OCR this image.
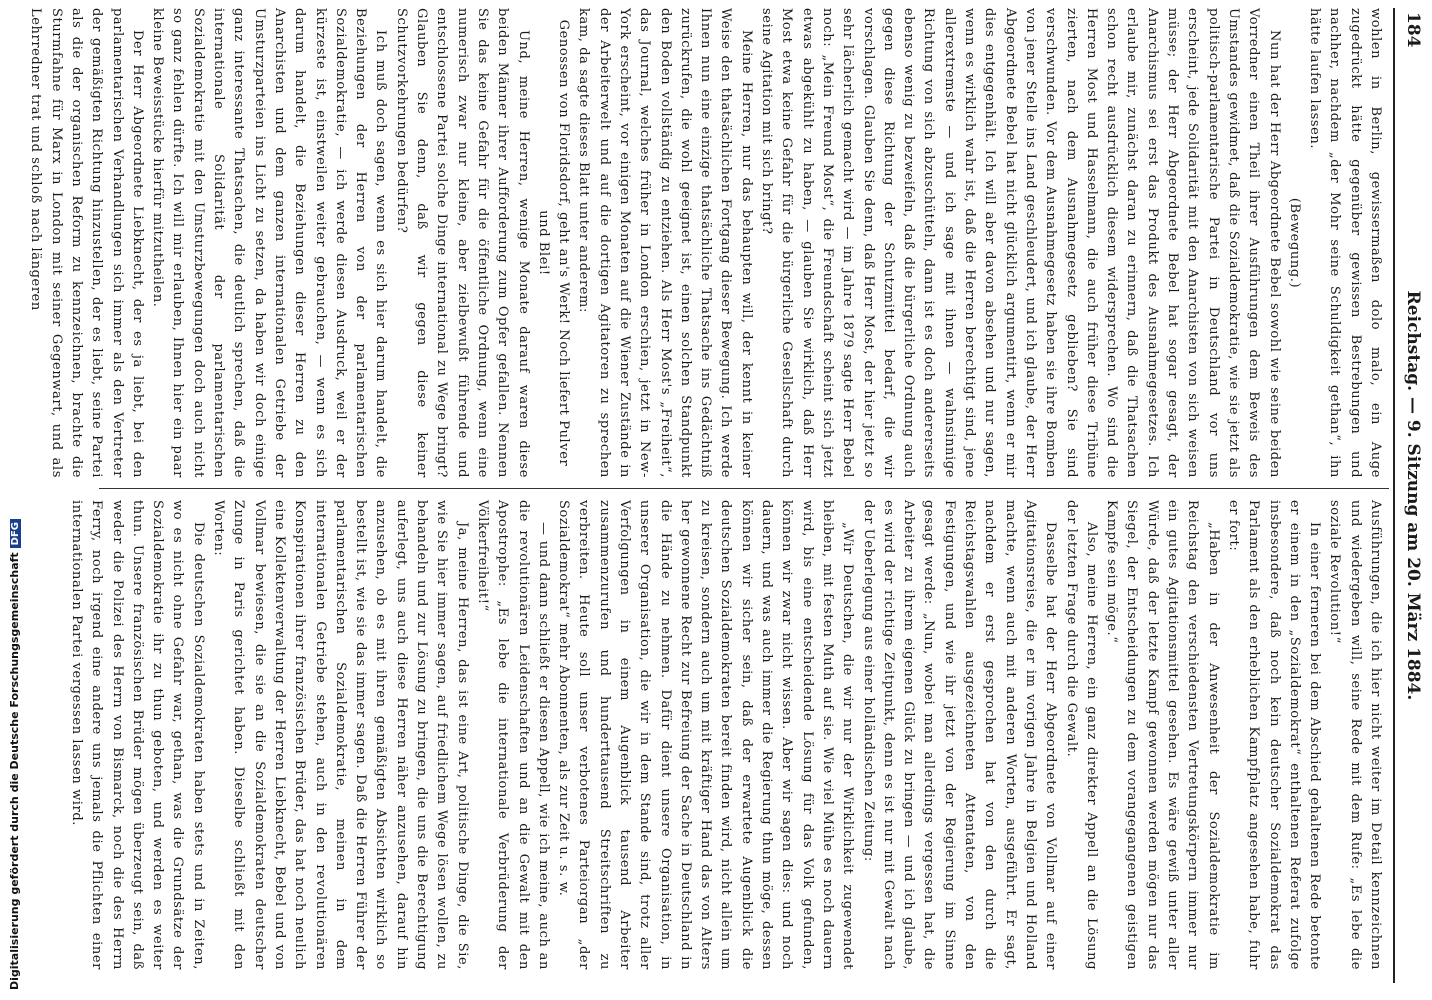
184
Reichstag. — 9. Sitzung am 20. März 1884.

wohlen in Berlin, gewissermaßen dolo malo, ein Auge zugedrückt hätte gegenüber gewissen Bestrebungen und nachher, nachdem „der Mohr seine Schuldigkeit gethan“, ihn hätte laufen lassen.

(Bewegung.)

Nun hat der Herr Abgeordnete Bebel sowohl wie seine beiden Vorredner einen Theil ihrer Ausführungen dem Beweis des Umstandes gewidmet, daß die Sozialdemokratie, wie sie jetzt als politisch-parlamentarische Partei in Deutschland vor uns erscheint, jede Solidarität mit den Anarchisten von sich weisen müsse; der Herr Abgeordnete Bebel hat sogar gesagt, der Anarchismus sei erst das Produkt des Ausnahmegesetzes. Ich erlaube mir, zunächst daran zu erinnern, daß die Thatsachen schon recht ausdrücklich diesem widersprechen. Wo sind die Herren Most und Hasselmann, die auch früher diese Tribüne zierten, nach dem Ausnahmegesetz geblieben? Sie sind verschwunden. Vor dem Ausnahmegesetz haben sie ihre Bomben von jener Stelle ins Land geschleudert, und ich glaube, der Herr Abgeordnete Bebel hat nicht glücklich argumentirt, wenn er mir dies entgegenhält. Ich will aber davon absehen und nur sagen, wenn es wirklich wahr ist, daß die Herren berechtigt sind, jene allerextremste — und ich sage mit ihnen — wahnsinnige Richtung von sich abzuschütteln, dann ist es doch andererseits ebenso wenig zu bezweifeln, daß die bürgerliche Ordnung auch gegen diese Richtung der Schutzmittel bedarf, die wir vorschlagen. Glauben Sie denn, daß Herr Most, der hier jetzt so sehr lächerlich gemacht wird — im Jahre 1879 sagte Herr Bebel noch: „Mein Freund Most“, die Freundschaft scheint sich jetzt etwas abgekühlt zu haben, — glauben Sie wirklich, daß Herr Most etwa keine Gefahr für die bürgerliche Gesellschaft durch seine Agitation mit sich bringt?

Meine Herren, nur das behaupten will, der kennt in keiner Weise den thatsächlichen Fortgang dieser Bewegung. Ich werde Ihnen nun eine einzige thatsächliche Thatsache ins Gedächtniß zurückrufen, die wohl geeignet ist, einen solchen Standpunkt den Boden vollständig zu entziehen. Als Herr Most's „Freiheit“, das Journal, welches früher in London erschien, jetzt in New-York erscheint, vor einigen Monaten auf die Wiener Zustände in der Arbeiterwelt und auf die dortigen Agitatoren zu sprechen kam, da sagte dieses Blatt unter anderem:

Genossen von Floridsdorf, geht an's Werk! Noch liefert Pulver und Blei!

Und, meine Herren, wenige Monate darauf waren diese beiden Männer ihrer Aufforderung zum Opfer gefallen. Nennen Sie das keine Gefahr für die öffentliche Ordnung, wenn eine numerisch zwar nur kleine, aber zielbewußt führende und entschlossene Partei solche Dinge international zu Wege bringt? Glauben Sie denn, daß wir gegen diese keiner Schutzvorkehrungen bedürfen?

Ich muß doch sagen, wenn es sich hier darum handelt, die Beziehungen der Herren von der parlamentarischen Sozialdemokratie, — ich werde diesen Ausdruck, weil er der kürzeste ist, einstweilen weiter gebrauchen, — wenn es sich darum handelt, die Beziehungen dieser Herren zu den Anarchisten und dem ganzen internationalen Getriebe der Umsturzparteien ins Licht zu setzen, da haben wir doch einige ganz interessante Thatsachen, die deutlich sprechen, daß die internationale Solidarität der parlamentarischen Sozialdemokratie mit den Umsturzbewegungen doch auch nicht so ganz fehlen dürfte. Ich will mir erlauben, Ihnen hier ein paar kleine Beweisstücke hierfür mitzutheilen.

Der Herr Abgeordnete Liebknecht, der es ja liebt, bei den parlamentarischen Verhandlungen sich immer als den Vertreter der gemäßigten Richtung hinzustellen, der es liebt, seine Partei als die der organischen Reform zu kennzeichnen, brachte die Sturmfahne für Marx in London mit seiner Gegenwart, und als Lehrredner trat und schloß nach längeren

Ausführungen, die ich hier nicht weiter im Detail kennzeichnen und wiedergeben will, seine Rede mit dem Rufe: „Es lebe die soziale Revolution!“

In einer ferneren bei dem Abschied gehaltenen Rede betonte er einem in den „Sozialdemokrat“ enthaltenen Referat zufolge insbesondere, daß noch kein deutscher Sozialdemokrat das Parlament als den erheblichen Kampfplatz angesehen habe, fuhr er fort:

„Haben in der Anwesenheit der Sozialdemokratie im Reichstag den verschiedensten Vertretungskörpern immer nur ein gutes Agitationsmittel gesehen. Es wäre gewiß unter aller Würde, daß der letzte Kampf gewonnen werden mögen nur das Siegel, der Entscheidungen zu dem vorangegangenen geistigen Kampfe sein möge.“

Also, meine Herren, ein ganz direkter Appell an die Lösung der letzten Frage durch die Gewalt.

Dasselbe hat der Herr Abgeordnete von Vollmar auf einer Agitationsreise, die er im vorigen Jahre in Belgien und Holland machte, wenn auch mit anderen Worten, ausgeführt. Er sagt, nachdem er erst gesprochen hat von den durch die Reichstagswahlen ausgezeichneten Attentaten, von den Festigungen, und wie ihr jetzt von der Regierung im Sinne gesagt werde: „Nun, wobei man allerdings vergessen hat, die Arbeiter zu ihrem eigenen Glück zu bringen — und ich glaube, es wird der richtige Zeitpunkt, denn es ist nur mit Gewalt nach der Ueberlegung aus einer holländischen Zeitung:

„Wir Deutschen, die wir nur der Wirklichkeit zugewendet bleiben, mit festen Muth auf sie. Wie viel Mühe es noch dauern wird, bis eine entscheidende Lösung für das Volk gefunden, können wir zwar nicht wissen. Aber wir sagen dies: und noch dauern, und was auch immer die Regierung thun möge, dessen können wir sicher sein, daß der erwartete Augenblick die deutschen Sozialdemokraten bereit finden wird, nicht allein um zu kreisen, sondern auch um mit kräftiger Hand das von Alters her gewonnene Recht zur Befreiung der Sache in Deutschland in die Hände zu nehmen. Dafür dient unsere Organisation, in unserer Organisation, die wir in dem Stande sind, trotz aller Verfolgungen in einem Augenblick tausend Arbeiter zusammenzurufen und hunderttausend Streitschriften zu verbreiten. Heute soll unser verbotenes Parteiorgan „der Sozialdemokrat“ mehr Abonnenten, als zur Zeit u. s. w.

— und dann schließt er diesen Appell, wie ich meine, auch an die revolutionären Leidenschaften und an die Gewalt mit den Apostrophe: „Es lebe die internationale Verbrüderung der Völkerfreiheit!“

Ja, meine Herren, das ist eine Art, politische Dinge, die Sie, wie Sie hier immer sagen, auf friedlichem Wege lösen wollen, zu behandeln und zur Lösung zu bringen, die uns die Berechtigung auferlegt, uns auch diese Herren näher anzusehen, darauf hin anzusehen, ob es mit ihren gemäßigten Absichten wirklich so bestellt ist, wie sie das immer sagen. Daß die Herren Führer der parlamentarischen Sozialdemokratie, meinen in dem internationalen Getriebe stehen, auch in den revolutionären Konspirationen ihrer französischen Brüder, das hat noch neulich eine Kollektenverwaltung der Herren Liebknecht, Bebel und von Vollmar bewiesen, die sie an die Sozialdemokraten deutscher Zunge in Paris gerichtet haben. Dieselbe schließt mit den Worten:

Die deutschen Sozialdemokraten haben stets und in Zeiten, wo es nicht ohne Gefahr war, gethan, was die Grundsätze der Sozialdemokratie ihr zu thun geboten, und werden es weiter thun. Unsere französischen Brüder mögen überzeugt sein, daß weder die Polizei des Herrn von Bismarck, noch die des Herrn Ferry, noch irgend eine andere uns jemals die Pflichten einer internationalen Partei vergessen lassen wird.

Digitalisierung gefördert durch die Deutsche ForschungsgemeinschaftDFG
